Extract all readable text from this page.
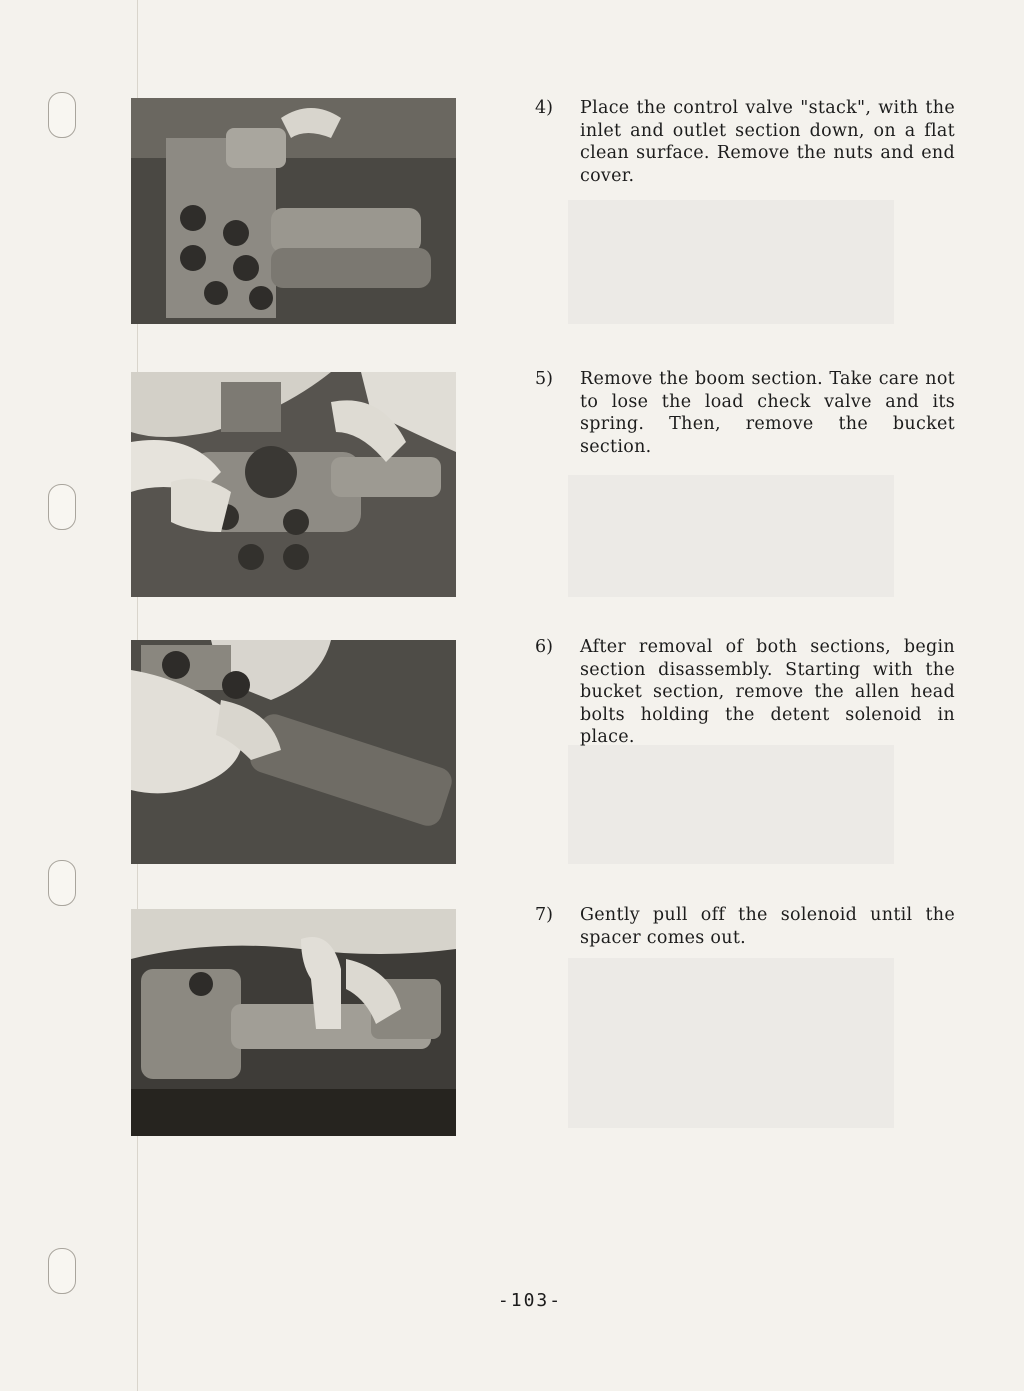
4)	Place the control valve "stack", with the inlet and outlet section down, on a flat clean surface. Remove the nuts and end cover.
5)	Remove the boom section. Take care not to lose the load check valve and its spring. Then, remove the bucket section.
6)	After removal of both sections, begin section disassembly. Starting with the bucket section, remove the allen head bolts holding the detent solenoid in place.
7)	Gently pull off the solenoid until the spacer comes out.
-103-
